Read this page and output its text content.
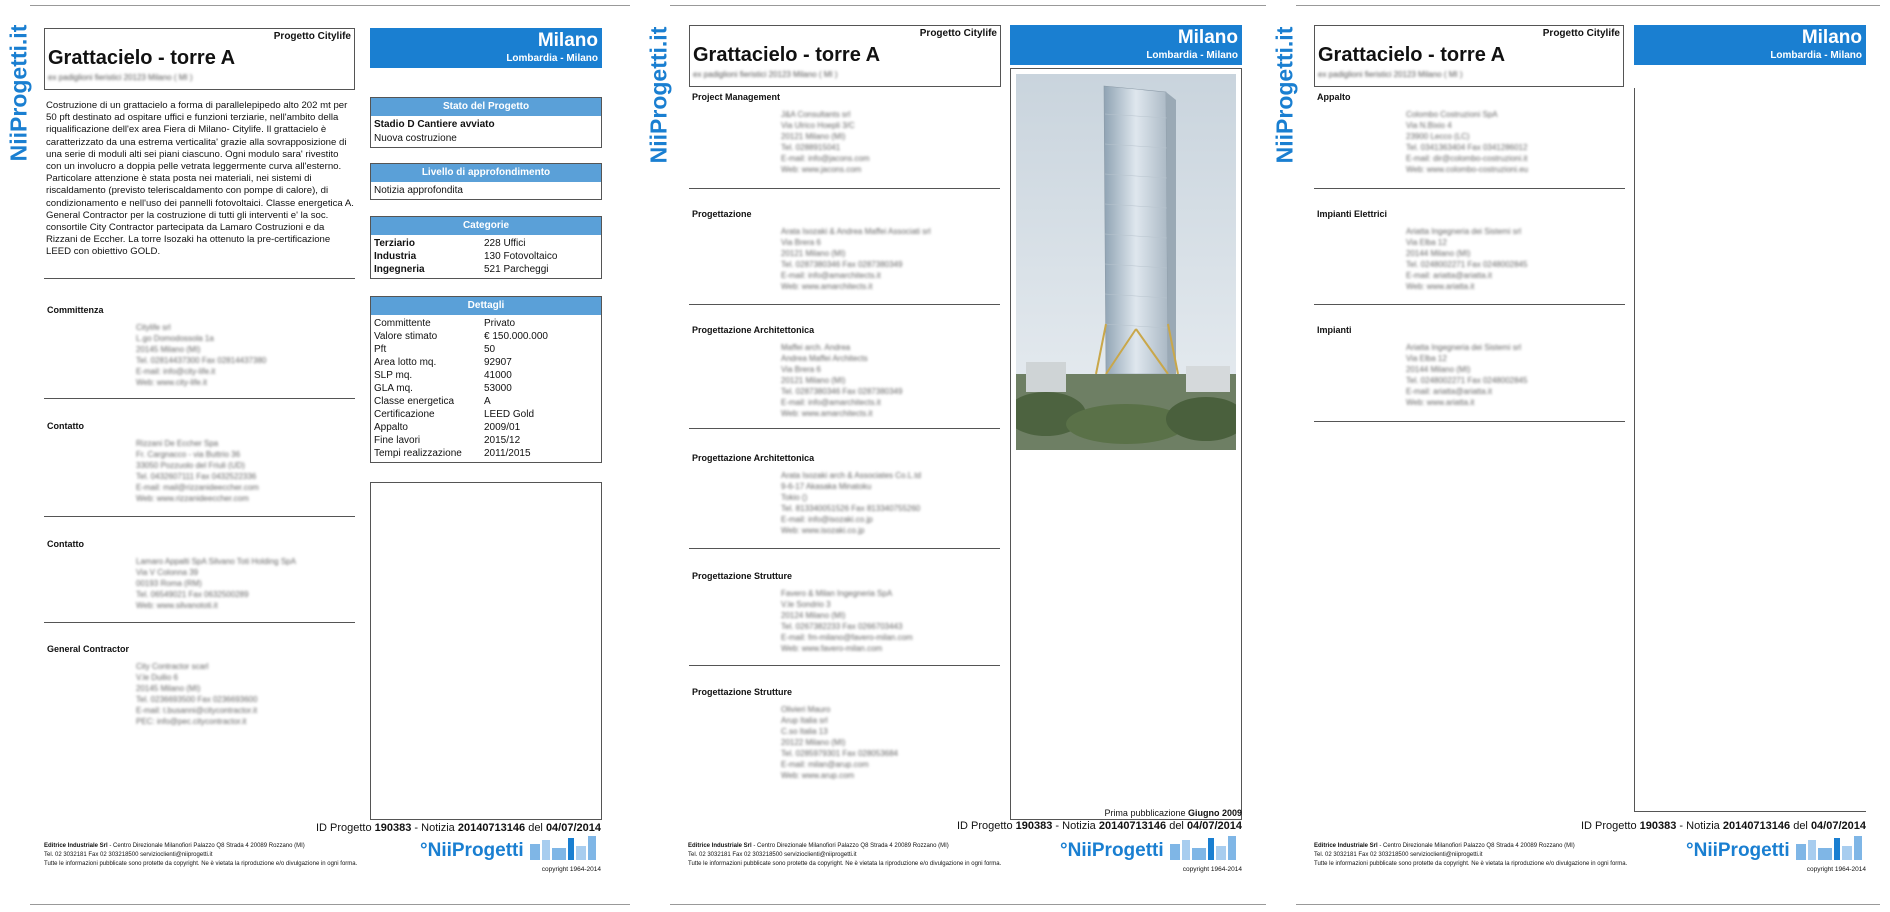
NiiProgetti.it	Progetto Citylife
Grattacielo - torre A
ex padiglioni fieristici 20123 Milano ( MI )
Milano
Lombardia - Milano
Costruzione di un grattacielo a forma di parallelepipedo alto 202 mt per 50 pft destinato ad ospitare uffici e funzioni terziarie, nell'ambito della riqualificazione dell'ex area Fiera di Milano- Citylife. Il grattacielo è caratterizzato da una estrema verticalita' grazie alla sovrapposizione di una serie di moduli alti sei piani ciascuno. Ogni modulo sara' rivestito con un involucro a doppia pelle vetrata leggermente curva all'esterno. Particolare attenzione è stata posta nei materiali, nei sistemi di riscaldamento (previsto teleriscaldamento con pompe di calore), di condizionamento e nell'uso dei pannelli fotovoltaici. Classe energetica A. General Contractor per la costruzione di tutti gli interventi e' la soc. consortile City Contractor partecipata da Lamaro Costruzioni e da Rizzani de Eccher. La torre Isozaki ha ottenuto la pre-certificazione LEED con obiettivo GOLD.
Committenza
Citylife srl
L.go Domodossola 1a
20145 Milano (MI)
Tel. 02814437300 Fax 02814437380
E-mail: info@city-life.it
Web: www.city-life.it
Contatto
Rizzani De Eccher Spa
Fr. Cargnacco - via Buttrio 36
33050 Pozzuolo del Friuli (UD)
Tel. 0432607111 Fax 0432522336
E-mail: mail@rizzanideeccher.com
Web: www.rizzanideeccher.com
Contatto
Lamaro Appalti SpA Silvano Toti Holding SpA
Via V Colonna 39
00193 Roma (RM)
Tel. 06549021 Fax 0632500289
Web: www.silvanototi.it
General Contractor
City Contractor scarl
V.le Duilio 6
20145 Milano (MI)
Tel. 0236693500 Fax 0236693600
E-mail: t.busanni@citycontractor.it
PEC: info@pec.citycontractor.it
Stato del Progetto
Stadio D Cantiere avviato
Nuova costruzione
Livello di approfondimento
Notizia approfondita
Categorie
Terziario	228 Uffici
Industria	130 Fotovoltaico
Ingegneria	521 Parcheggi
Dettagli
Committente	Privato
Valore stimato	€ 150.000.000
Pft	50
Area lotto mq.	92907
SLP mq.	41000
GLA mq.	53000
Classe energetica	A
Certificazione	LEED Gold
Appalto	2009/01
Fine lavori	2015/12
Tempi realizzazione	2011/2015
ID Progetto 190383 - Notizia 20140713146 del 04/07/2014
Editrice Industriale Srl - Centro Direzionale Milanofiori Palazzo Q8 Strada 4 20089 Rozzano (MI)
Tel. 02 3032181 Fax 02 303218500 servizioclienti@niiprogetti.it
Tutte le informazioni pubblicate sono protette da copyright. Ne è vietata la riproduzione e/o divulgazione in ogni forma.
°NiiProgetti
copyright 1964-2014
NiiProgetti.it	Progetto Citylife
Grattacielo - torre A
ex padiglioni fieristici 20123 Milano ( MI )
Milano
Lombardia - Milano
Project Management
J&A Consultants srl
Via Ulrico Hoepli 3/C
20121 Milano (MI)
Tel. 0288915041
E-mail: info@jacons.com
Web: www.jacons.com
Progettazione
Arata Isozaki & Andrea Maffei Associati srl
Via Brera 6
20121 Milano (MI)
Tel. 0287380346 Fax 0287380349
E-mail: info@amarchitects.it
Web: www.amarchitects.it
Progettazione Architettonica
Maffei arch. Andrea
Andrea Maffei Architects
Via Brera 6
20121 Milano (MI)
Tel. 0287380346 Fax 0287380349
E-mail: info@amarchitects.it
Web: www.amarchitects.it
Progettazione Architettonica
Arata Isozaki arch & Associates Co.L.td
9-6-17 Akasaka Minatoku
Tokio ()
Tel. 813340051526 Fax 813340755260
E-mail: info@isozaki.co.jp
Web: www.isozaki.co.jp
Progettazione Strutture
Favero & Milan Ingegneria SpA
V.le Sondrio 3
20124 Milano (MI)
Tel. 0267382233 Fax 0266703443
E-mail: fm-milano@favero-milan.com
Web: www.favero-milan.com
Progettazione Strutture
Olivieri Mauro
Arup Italia srl
C.so Italia 13
20122 Milano (MI)
Tel. 0285979301 Fax 028053684
E-mail: milan@arup.com
Web: www.arup.com
Prima pubblicazione Giugno 2009
ID Progetto 190383 - Notizia 20140713146 del 04/07/2014
Editrice Industriale Srl - Centro Direzionale Milanofiori Palazzo Q8 Strada 4 20089 Rozzano (MI)
Tel. 02 3032181 Fax 02 303218500 servizioclienti@niiprogetti.it
Tutte le informazioni pubblicate sono protette da copyright. Ne è vietata la riproduzione e/o divulgazione in ogni forma.
°NiiProgetti
copyright 1964-2014
NiiProgetti.it	Progetto Citylife
Grattacielo - torre A
ex padiglioni fieristici 20123 Milano ( MI )
Milano
Lombardia - Milano
Appalto
Colombo Costruzioni SpA
Via N.Bixio 4
23900 Lecco (LC)
Tel. 0341363404 Fax 0341286012
E-mail: dir@colombo-costruzioni.it
Web: www.colombo-costruzioni.eu
Impianti Elettrici
Ariatta Ingegneria dei Sistemi srl
Via Elba 12
20144 Milano (MI)
Tel. 0248002271 Fax 0248002845
E-mail: ariatta@ariatta.it
Web: www.ariatta.it
Impianti
Ariatta Ingegneria dei Sistemi srl
Via Elba 12
20144 Milano (MI)
Tel. 0248002271 Fax 0248002845
E-mail: ariatta@ariatta.it
Web: www.ariatta.it
ID Progetto 190383 - Notizia 20140713146 del 04/07/2014
Editrice Industriale Srl - Centro Direzionale Milanofiori Palazzo Q8 Strada 4 20089 Rozzano (MI)
Tel. 02 3032181 Fax 02 303218500 servizioclienti@niiprogetti.it
Tutte le informazioni pubblicate sono protette da copyright. Ne è vietata la riproduzione e/o divulgazione in ogni forma.
°NiiProgetti
copyright 1964-2014
